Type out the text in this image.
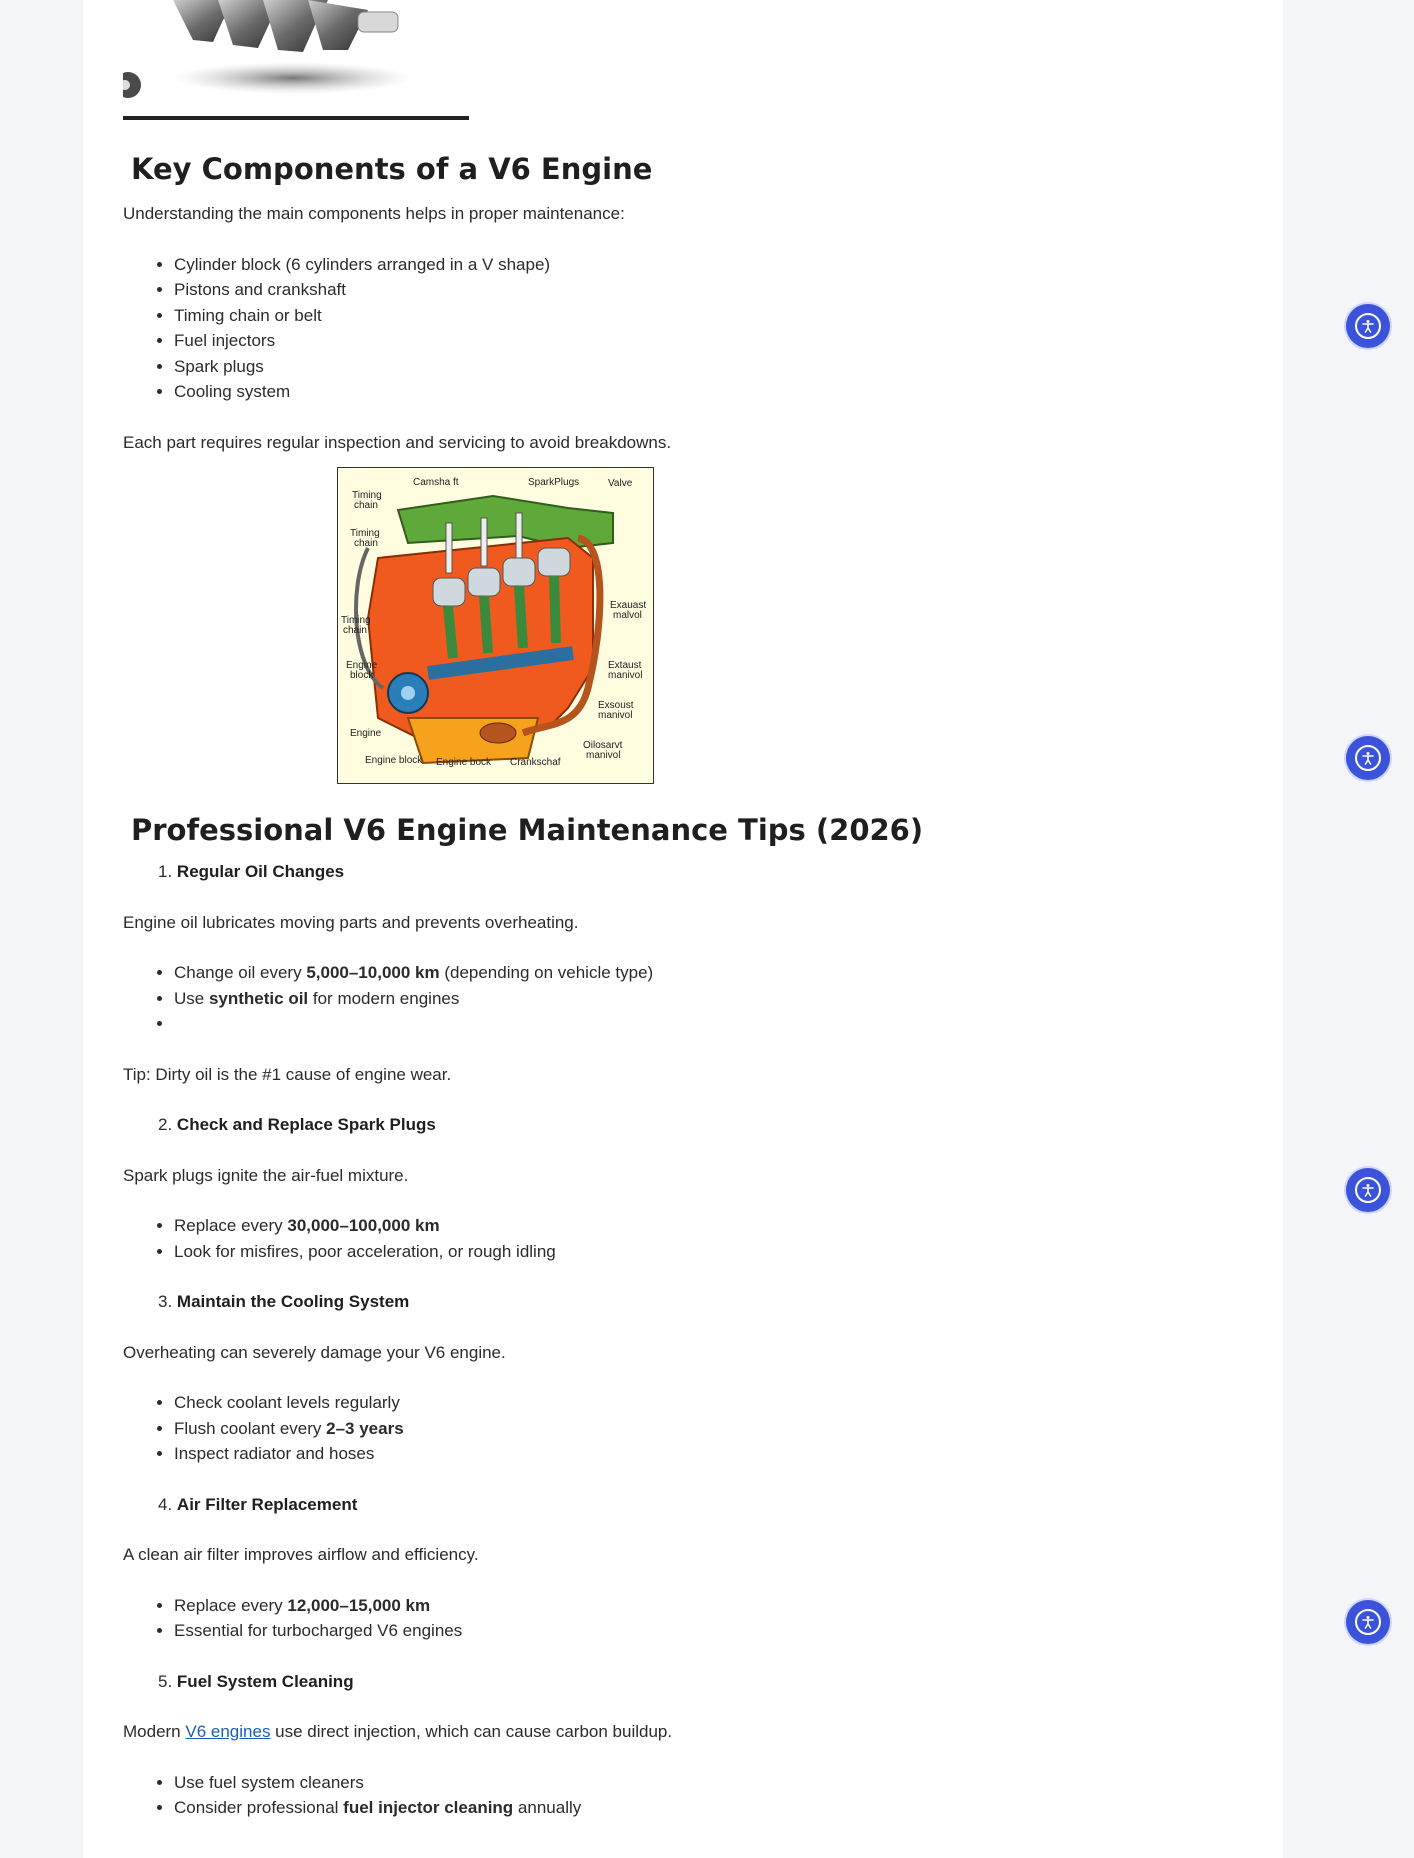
Key Components of a V6 Engine

Understanding the main components helps in proper maintenance:

• Cylinder block (6 cylinders arranged in a V shape)
• Pistons and crankshaft
• Timing chain or belt
• Fuel injectors
• Spark plugs
• Cooling system

Each part requires regular inspection and servicing to avoid breakdowns.

Camsha ft	SparkPlugs	Valve
Timing
chain
Timing
chain
Timing
chain
Exauast
malvol
Engine
block
Extaust
manivol
Exsoust
manivol
Engine
Oilosarvt
manivol
Engine block Engine bock Crankschaf
Professional V6 Engine Maintenance Tips (2026)
1. Regular Oil Changes

Engine oil lubricates moving parts and prevents overheating.

• Change oil every 5,000–10,000 km (depending on vehicle type)
• Use synthetic oil for modern engines
•

Tip: Dirty oil is the #1 cause of engine wear.

2. Check and Replace Spark Plugs

Spark plugs ignite the air-fuel mixture.

• Replace every 30,000–100,000 km
• Look for misfires, poor acceleration, or rough idling
3. Maintain the Cooling System

Overheating can severely damage your V6 engine.

• Check coolant levels regularly
• Flush coolant every 2–3 years
• Inspect radiator and hoses
4. Air Filter Replacement

A clean air filter improves airflow and efficiency.

• Replace every 12,000–15,000 km
• Essential for turbocharged V6 engines
5. Fuel System Cleaning

Modern V6 engines use direct injection, which can cause carbon buildup.

• Use fuel system cleaners
• Consider professional fuel injector cleaning annually
